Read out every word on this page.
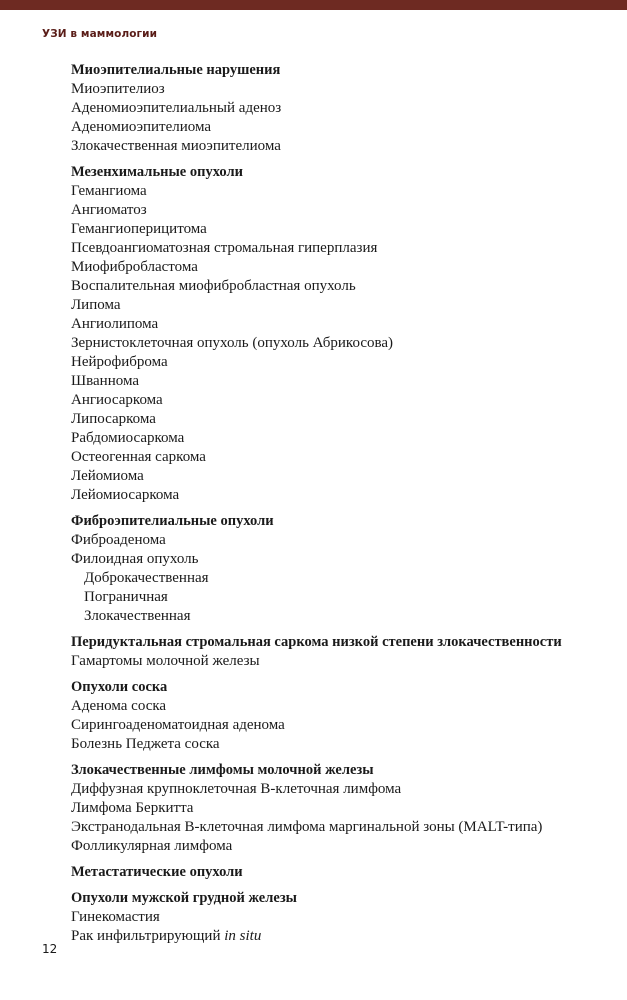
УЗИ в маммологии
Миоэпителиальные нарушения
Миоэпителиоз
Аденомиоэпителиальный аденоз
Аденомиоэпителиома
Злокачественная миоэпителиома
Мезенхимальные опухоли
Гемангиома
Ангиоматоз
Гемангиоперицитома
Псевдоангиоматозная стромальная гиперплазия
Миофибробластома
Воспалительная миофибробластная опухоль
Липома
Ангиолипома
Зернистоклеточная опухоль (опухоль Абрикосова)
Нейрофиброма
Шваннома
Ангиосаркома
Липосаркома
Рабдомиосаркома
Остеогенная саркома
Лейомиома
Лейомиосаркома
Фиброэпителиальные опухоли
Фиброаденома
Филоидная опухоль
Доброкачественная
Пограничная
Злокачественная
Перидуктальная стромальная саркома низкой степени злокачественности
Гамартомы молочной железы
Опухоли соска
Аденома соска
Сирингоаденоматоидная аденома
Болезнь Педжета соска
Злокачественные лимфомы молочной железы
Диффузная крупноклеточная В-клеточная лимфома
Лимфома Беркитта
Экстранодальная В-клеточная лимфома маргинальной зоны (MALT-типа)
Фолликулярная лимфома
Метастатические опухоли
Опухоли мужской грудной железы
Гинекомастия
Рак инфильтрирующий in situ
12
